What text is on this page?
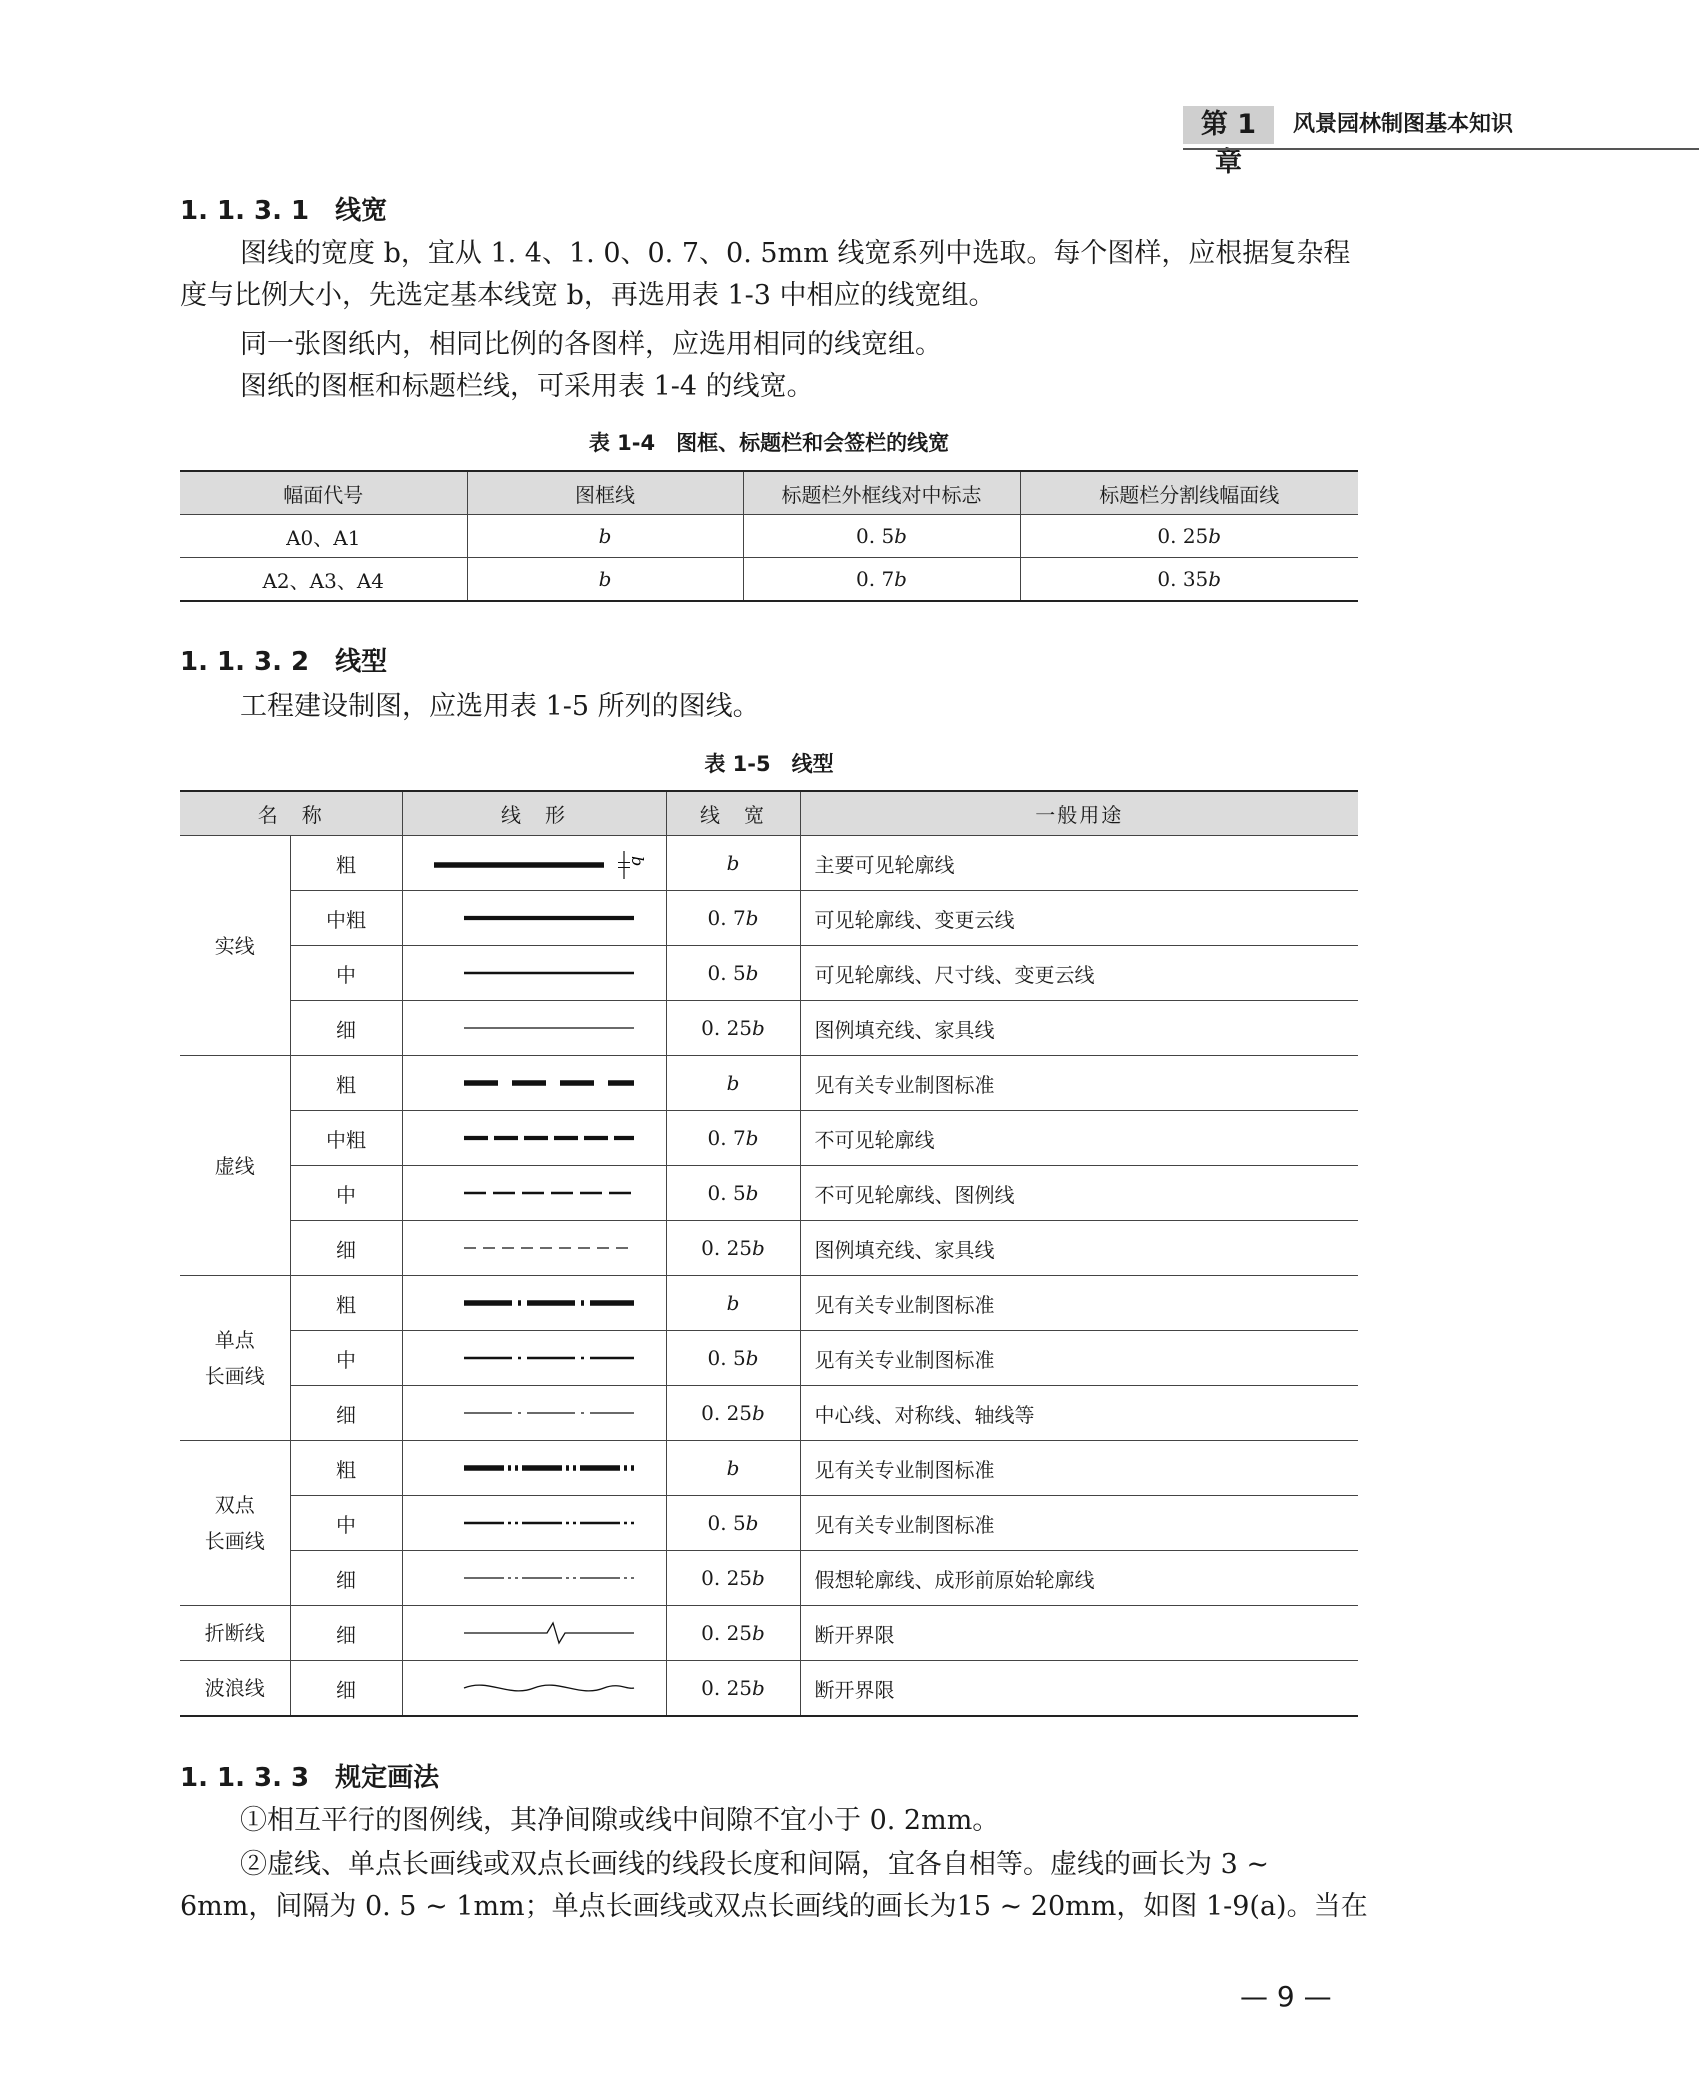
第 1 章
风景园林制图基本知识
1. 1. 3. 1 线宽
图线的宽度 b，宜从 1. 4、1. 0、0. 7、0. 5mm 线宽系列中选取。每个图样，应根据复杂程
度与比例大小，先选定基本线宽 b，再选用表 1-3 中相应的线宽组。
同一张图纸内，相同比例的各图样，应选用相同的线宽组。
图纸的图框和标题栏线，可采用表 1-4 的线宽。
表 1-4　图框、标题栏和会签栏的线宽
幅面代号	图框线	标题栏外框线对中标志	标题栏分割线幅面线
A0、A1	b	0. 5b	0. 25b
A2、A3、A4	b	0. 7b	0. 35b
1. 1. 3. 2 线型
工程建设制图，应选用表 1-5 所列的图线。
表 1-5　线型
名　称		线　形	线　宽	一般用途
实线	粗	b	b	主要可见轮廓线
	中粗		0. 7b	可见轮廓线、变更云线
	中		0. 5b	可见轮廓线、尺寸线、变更云线
	细		0. 25b	图例填充线、家具线
虚线	粗		b	见有关专业制图标准
	中粗		0. 7b	不可见轮廓线
	中		0. 5b	不可见轮廓线、图例线
	细		0. 25b	图例填充线、家具线
单点
长画线	粗		b	见有关专业制图标准
	中		0. 5b	见有关专业制图标准
	细		0. 25b	中心线、对称线、轴线等
双点
长画线	粗		b	见有关专业制图标准
	中		0. 5b	见有关专业制图标准
	细		0. 25b	假想轮廓线、成形前原始轮廓线
折断线	细		0. 25b	断开界限
波浪线	细		0. 25b	断开界限
1. 1. 3. 3 规定画法
①相互平行的图例线，其净间隙或线中间隙不宜小于 0. 2mm。
②虚线、单点长画线或双点长画线的线段长度和间隔，宜各自相等。虚线的画长为 3 ~
6mm，间隔为 0. 5 ~ 1mm；单点长画线或双点长画线的画长为15 ~ 20mm，如图 1-9(a)。当在
— 9 —
